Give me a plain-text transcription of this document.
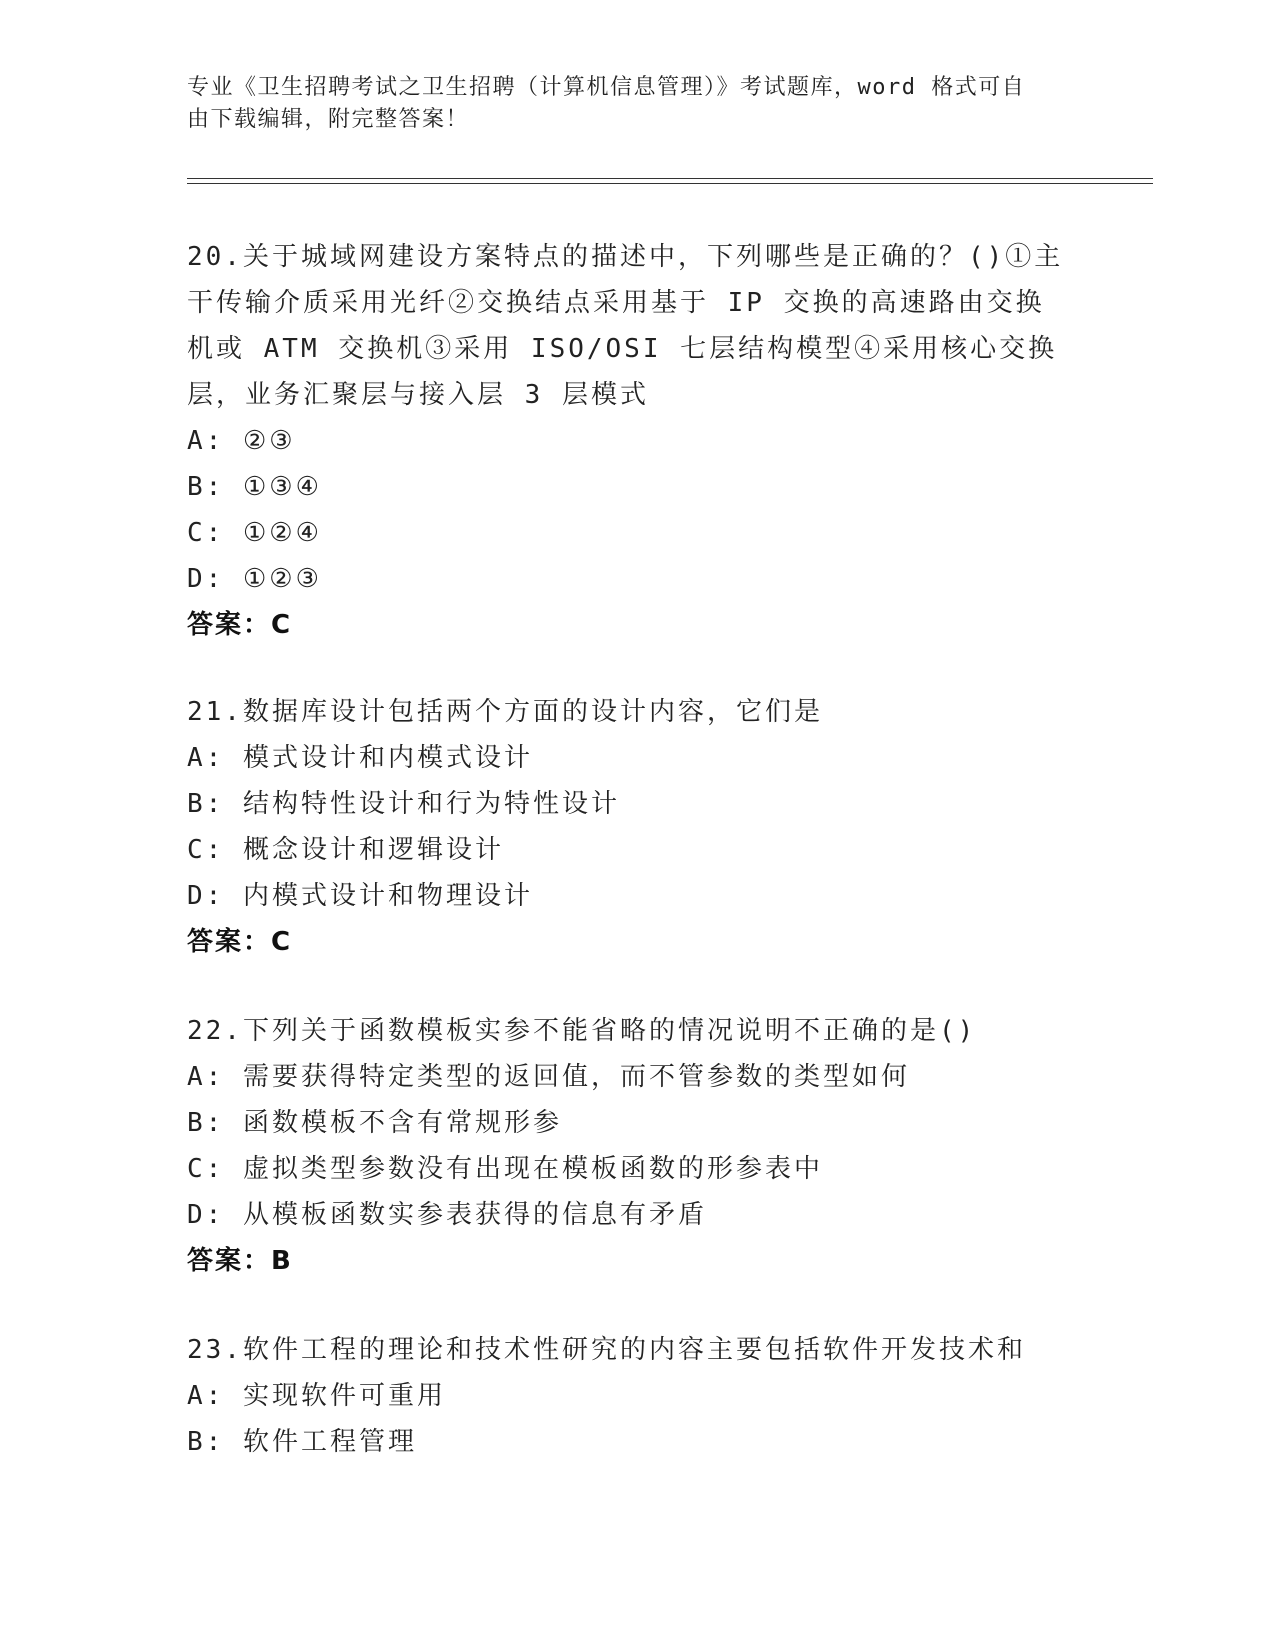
专业《卫生招聘考试之卫生招聘（计算机信息管理）》考试题库，word 格式可自
由下载编辑，附完整答案！
20.关于城域网建设方案特点的描述中，下列哪些是正确的？()①主干传输介质采用光纤②交换结点采用基于 IP 交换的高速路由交换机或 ATM 交换机③采用 ISO/OSI 七层结构模型④采用核心交换层，业务汇聚层与接入层 3 层模式
A: ②③
B: ①③④
C: ①②④
D: ①②③
答案：C
21.数据库设计包括两个方面的设计内容，它们是
A: 模式设计和内模式设计
B: 结构特性设计和行为特性设计
C: 概念设计和逻辑设计
D: 内模式设计和物理设计
答案：C
22.下列关于函数模板实参不能省略的情况说明不正确的是()
A: 需要获得特定类型的返回值，而不管参数的类型如何
B: 函数模板不含有常规形参
C: 虚拟类型参数没有出现在模板函数的形参表中
D: 从模板函数实参表获得的信息有矛盾
答案：B
23.软件工程的理论和技术性研究的内容主要包括软件开发技术和
A: 实现软件可重用
B: 软件工程管理
